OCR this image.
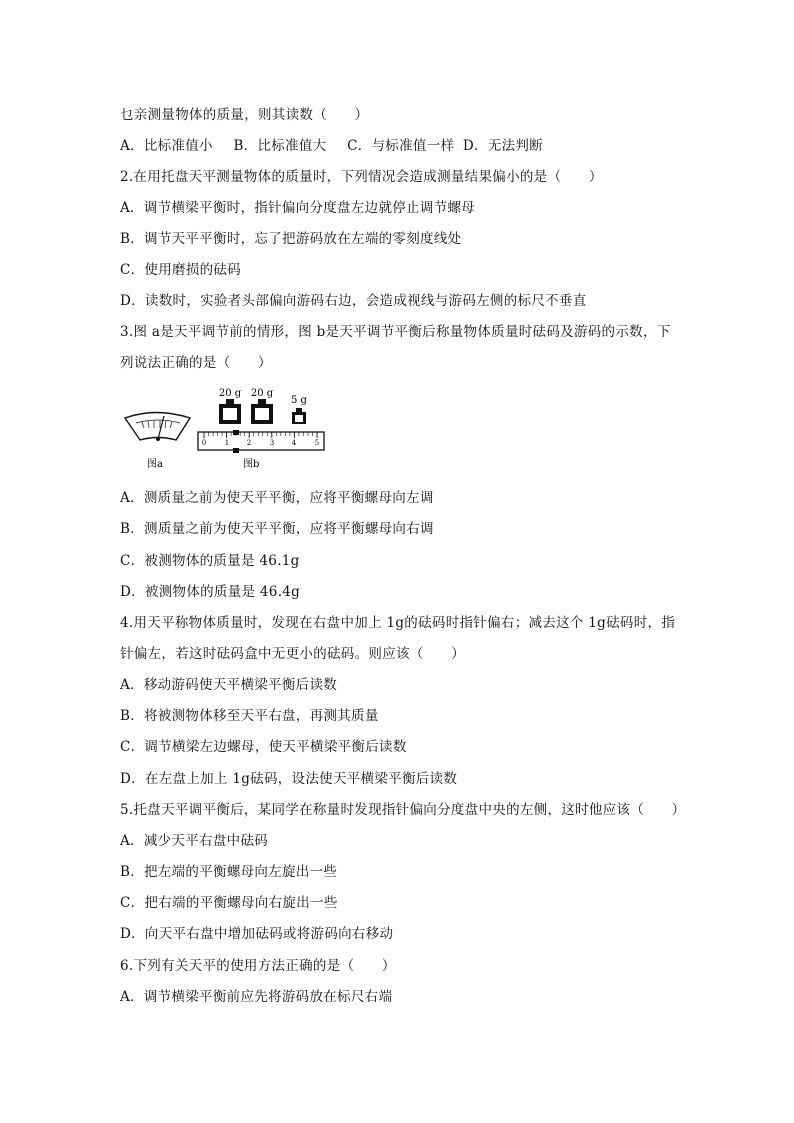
乜亲测量物体的质量，则其读数（　　）
A．比标准值小 B．比标准值大 C．与标准值一样 D．无法判断
2.在用托盘天平测量物体的质量时，下列情况会造成测量结果偏小的是（　　）
A．调节横梁平衡时，指针偏向分度盘左边就停止调节螺母
B．调节天平平衡时，忘了把游码放在左端的零刻度线处
C．使用磨损的砝码
D．读数时，实验者头部偏向游码右边，会造成视线与游码左侧的标尺不垂直
3.图 a是天平调节前的情形，图 b是天平调节平衡后称量物体质量时砝码及游码的示数，下
列说法正确的是（　　）
图a
20 g 20 g
5 g
0	1	2	3	4	5
图b
A．测质量之前为使天平平衡，应将平衡螺母向左调
B．测质量之前为使天平平衡，应将平衡螺母向右调
C．被测物体的质量是 46.1g
D．被测物体的质量是 46.4g
4.用天平称物体质量时，发现在右盘中加上 1g的砝码时指针偏右；减去这个 1g砝码时，指
针偏左，若这时砝码盒中无更小的砝码。则应该（　　）
A．移动游码使天平横梁平衡后读数
B．将被测物体移至天平右盘，再测其质量
C．调节横梁左边螺母，使天平横梁平衡后读数
D．在左盘上加上 1g砝码，设法使天平横梁平衡后读数
5.托盘天平调平衡后，某同学在称量时发现指针偏向分度盘中央的左侧，这时他应该（　　）
A．减少天平右盘中砝码
B．把左端的平衡螺母向左旋出一些
C．把右端的平衡螺母向右旋出一些
D．向天平右盘中增加砝码或将游码向右移动
6.下列有关天平的使用方法正确的是（　　）
A．调节横梁平衡前应先将游码放在标尺右端
